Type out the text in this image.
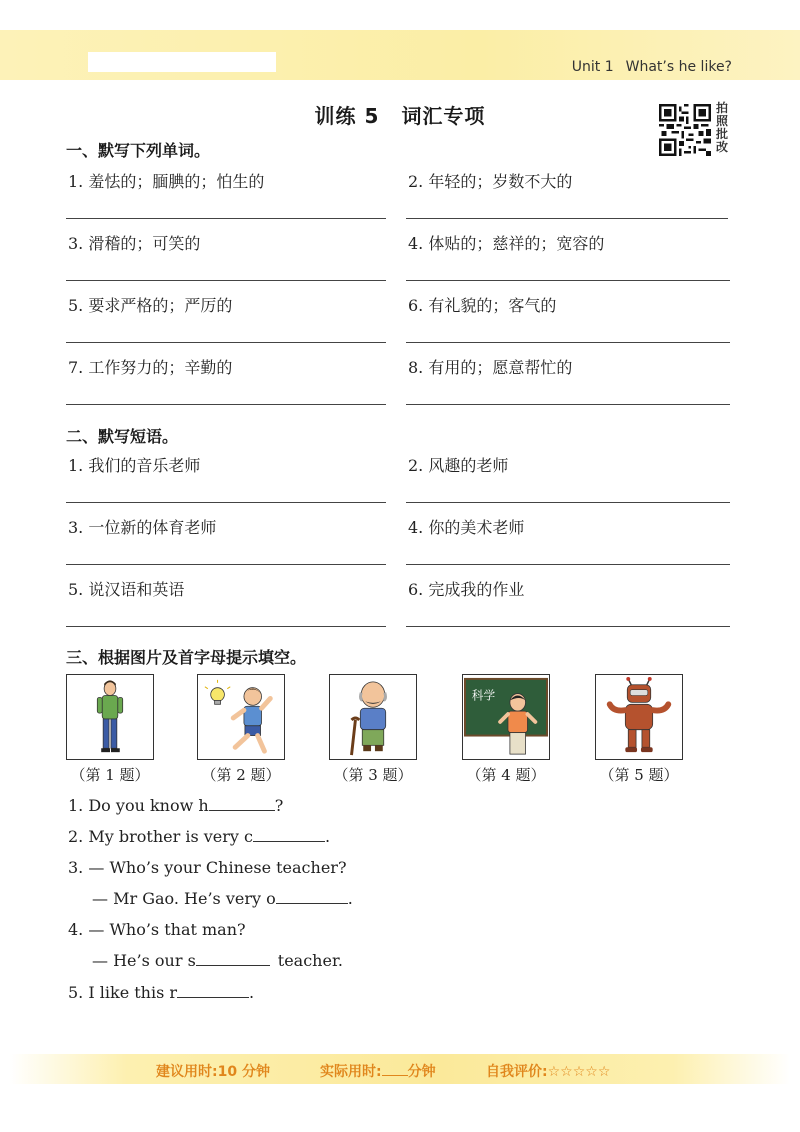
Unit 1 What’s he like?
训练 5 词汇专项	拍
照
批
改
一、默写下列单词。
1. 羞怯的；腼腆的；怕生的	2. 年轻的；岁数不大的
3. 滑稽的；可笑的	4. 体贴的；慈祥的；宽容的
5. 要求严格的；严厉的	6. 有礼貌的；客气的
7. 工作努力的；辛勤的	8. 有用的；愿意帮忙的
二、默写短语。
1. 我们的音乐老师	2. 风趣的老师
3. 一位新的体育老师	4. 你的美术老师
5. 说汉语和英语	6. 完成我的作业
三、根据图片及首字母提示填空。
科学
（第 1 题）	（第 2 题）	（第 3 题）	（第 4 题）	（第 5 题）
1. Do you know h	?
2. My brother is very c	.
3. — Who’s your Chinese teacher?
— Mr Gao. He’s very o	.
4. — Who’s that man?
— He’s our s	teacher.
5. I like this r	.
建议用时:10 分钟	实际用时: 分钟	自我评价:☆☆☆☆☆
